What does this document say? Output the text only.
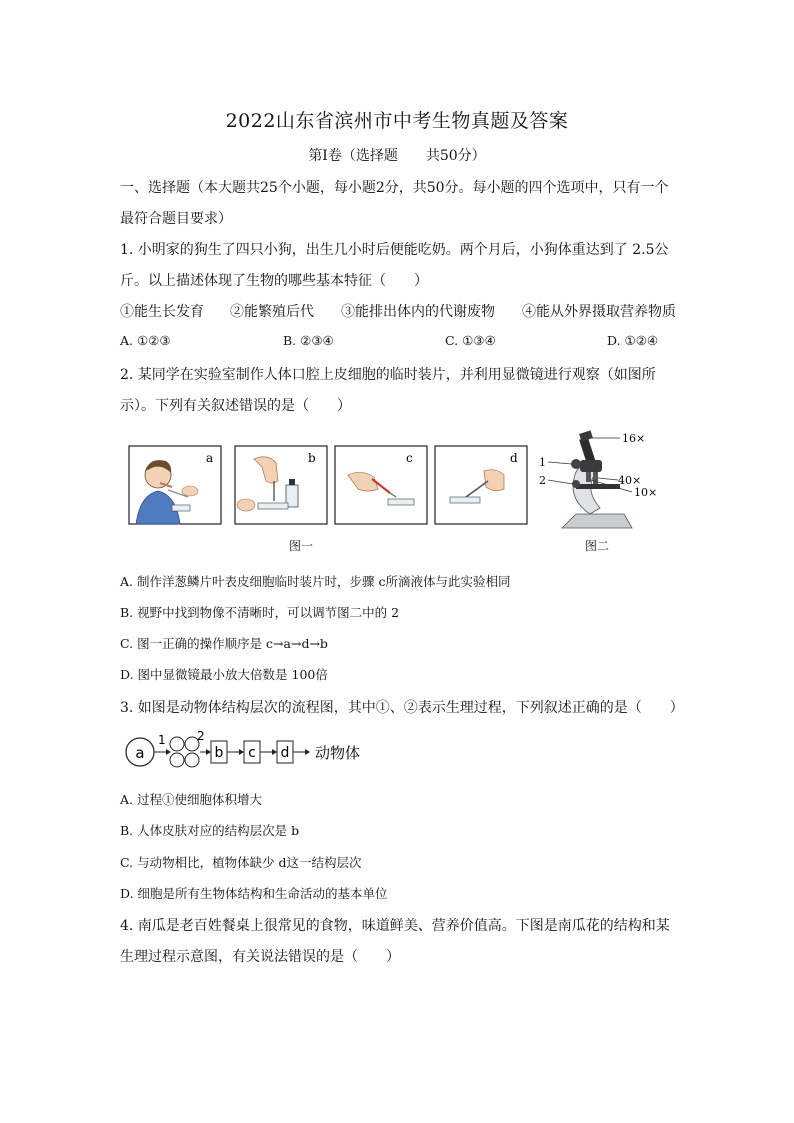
2022山东省滨州市中考生物真题及答案
第Ⅰ卷（选择题　　共50分）
一、选择题（本大题共25个小题，每小题2分，共50分。每小题的四个选项中，只有一个
最符合题目要求）
1. 小明家的狗生了四只小狗，出生几小时后便能吃奶。两个月后，小狗体重达到了 2.5公
斤。以上描述体现了生物的哪些基本特征（　　）
①能生长发育 ②能繁殖后代 ③能排出体内的代谢废物 ④能从外界摄取营养物质
A. ①②③	B. ②③④	C. ①③④	D. ①②④
2. 某同学在实验室制作人体口腔上皮细胞的临时装片，并利用显微镜进行观察（如图所
示）。下列有关叙述错误的是（　　）
a	b	c	d
图一
16×
1
2	40×
10×
图二
A. 制作洋葱鳞片叶表皮细胞临时装片时，步骤 c所滴液体与此实验相同
B. 视野中找到物像不清晰时，可以调节图二中的 2
C. 图一正确的操作顺序是 c→a→d→b
D. 图中显微镜最小放大倍数是 100倍
3. 如图是动物体结构层次的流程图，其中①、②表示生理过程，下列叙述正确的是（　　）
a
1	2
b c d 动物体
A. 过程①使细胞体积增大
B. 人体皮肤对应的结构层次是 b
C. 与动物相比，植物体缺少 d这一结构层次
D. 细胞是所有生物体结构和生命活动的基本单位
4. 南瓜是老百姓餐桌上很常见的食物，味道鲜美、营养价值高。下图是南瓜花的结构和某
生理过程示意图，有关说法错误的是（　　）
